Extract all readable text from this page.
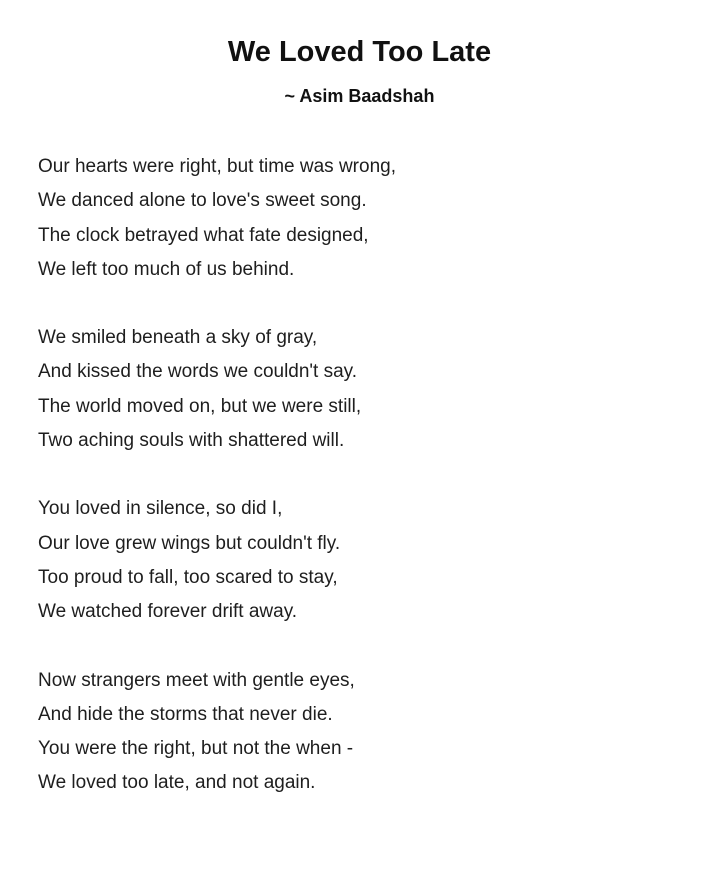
We Loved Too Late
~ Asim Baadshah
Our hearts were right, but time was wrong,
We danced alone to love's sweet song.
The clock betrayed what fate designed,
We left too much of us behind.
We smiled beneath a sky of gray,
And kissed the words we couldn't say.
The world moved on, but we were still,
Two aching souls with shattered will.
You loved in silence, so did I,
Our love grew wings but couldn't fly.
Too proud to fall, too scared to stay,
We watched forever drift away.
Now strangers meet with gentle eyes,
And hide the storms that never die.
You were the right, but not the when -
We loved too late, and not again.
